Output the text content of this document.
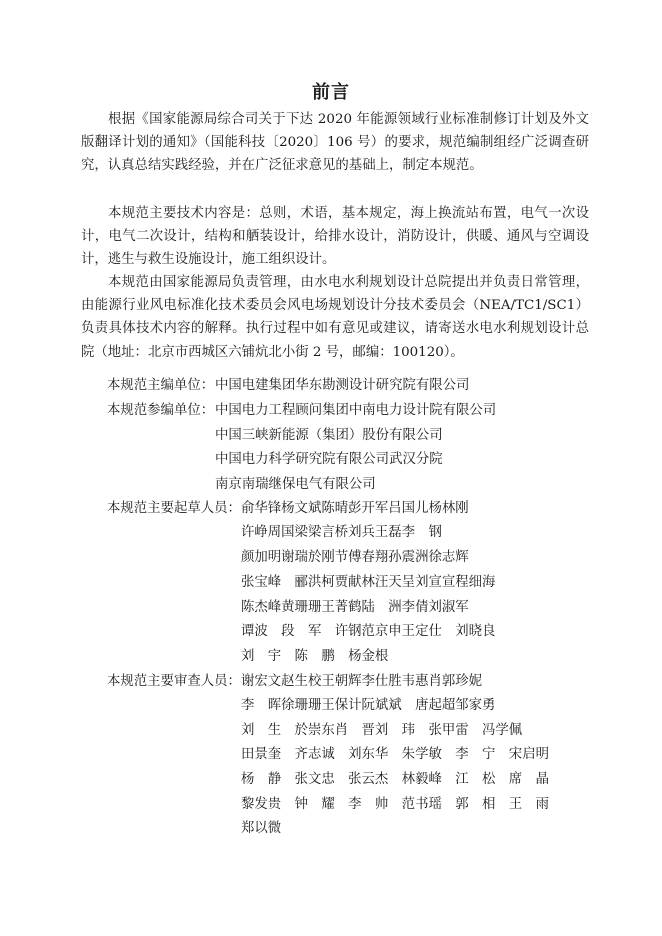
前言

根据《国家能源局综合司关于下达 2020 年能源领域行业标准制修订计划及外文版翻译计划的通知》（国能科技〔2020〕106 号）的要求，规范编制组经广泛调查研究，认真总结实践经验，并在广泛征求意见的基础上，制定本规范。

本规范主要技术内容是：总则，术语，基本规定，海上换流站布置，电气一次设计，电气二次设计，结构和舾装设计，给排水设计，消防设计，供暖、通风与空调设计，逃生与救生设施设计，施工组织设计。

本规范由国家能源局负责管理，由水电水利规划设计总院提出并负责日常管理，由能源行业风电标准化技术委员会风电场规划设计分技术委员会（NEA/TC1/SC1）负责具体技术内容的解释。执行过程中如有意见或建议，请寄送水电水利规划设计总院（地址：北京市西城区六铺炕北小街 2 号，邮编：100120）。

本规范主编单位： 中国电建集团华东勘测设计研究院有限公司
本规范参编单位： 中国电力工程顾问集团中南电力设计院有限公司
中国三峡新能源（集团）股份有限公司
中国电力科学研究院有限公司武汉分院
南京南瑞继保电气有限公司
本规范主要起草人员： 俞华锋杨文斌陈晴彭开军吕国儿杨林刚
许峥周国梁梁言桥刘兵王磊李　钢
颜加明谢瑞於刚节傅春翔孙震洲徐志辉
张宝峰　郦洪柯贾献林汪天呈刘宣宣程细海
陈杰峰黄珊珊王菁鹤陆　洲李倩刘淑军
谭波　段　军　许钢范京申王定仕　刘晓良
刘　宇　陈　鹏　杨金根
本规范主要审查人员： 谢宏文赵生校王朝辉李仕胜韦惠肖郭珍妮
李　晖徐珊珊王保计阮斌斌　唐起超邹家勇
刘　生　於崇东肖　晋刘　玮　张甲雷　冯学佩
田景奎　齐志诚　刘东华　朱学敏　李　宁　宋启明
杨　静　张文忠　张云杰　林毅峰　江　松　席　晶
黎发贵　钟　耀　李　帅　范书瑶　郭　相　王　雨
郑以微
